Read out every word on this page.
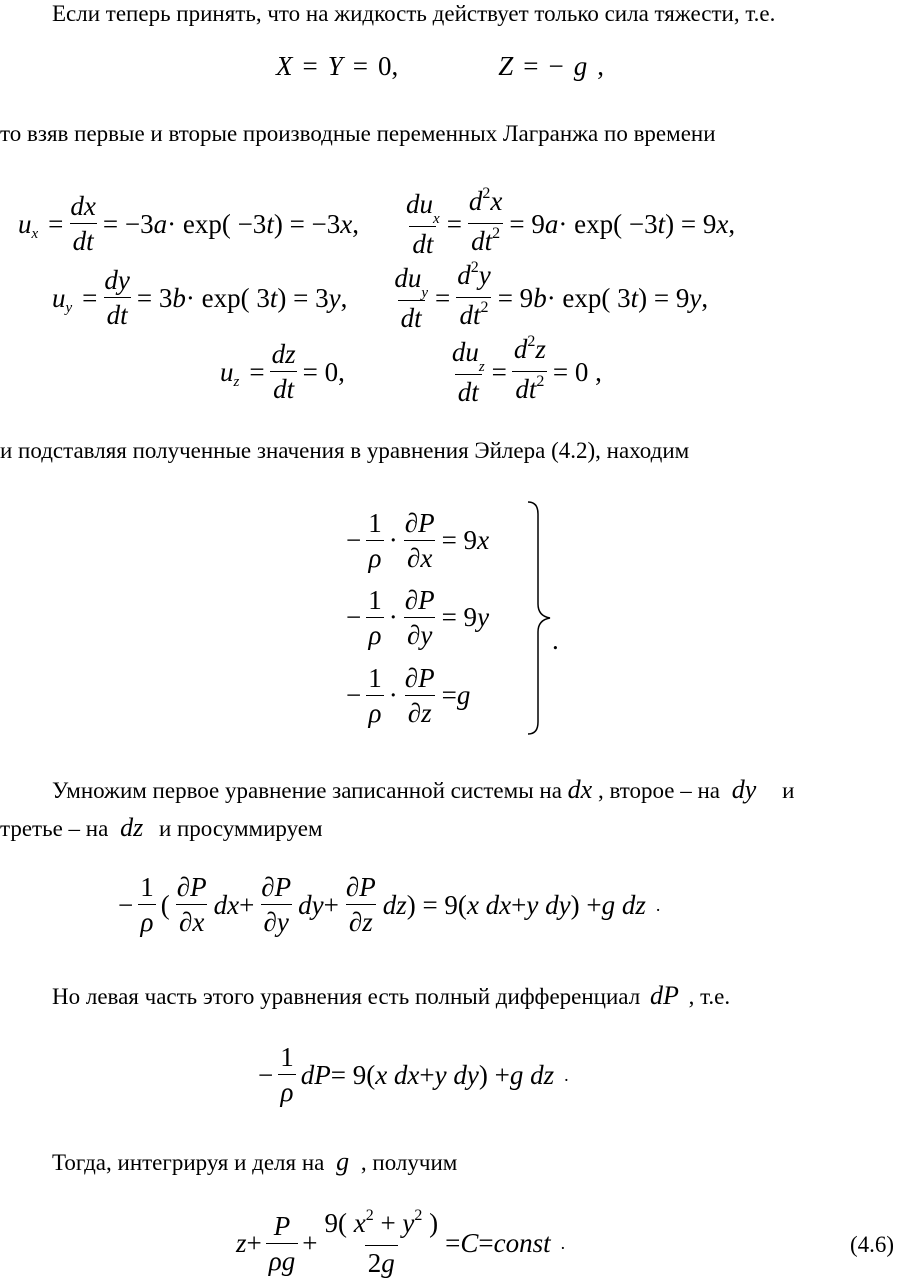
Если теперь принять, что на жидкость действует только сила тяжести, т.е.
X = Y = 0,	Z = − g ,
то взяв первые и вторые производные переменных Лагранжа по времени
u $x = \frac{dx}{dt} = -3$ a · exp( −3 t ) = −3 x , $\frac{du_x}{dt} = \frac{d^2x}{dt^2} = 9$ a · exp( −3 t ) = 9 x ,
u $y = \frac{dy}{dt} = 3$ b · exp( 3 t ) = 3 y , $\frac{du_y}{dt} = \frac{d^2y}{dt^2} = 9$ b · exp( 3 t ) = 9 y ,
u $z = \frac{dz}{dt} = 0$,	$\frac{du_z}{dt} = \frac{d^2z}{dt^2} = 0$ ,
и подставляя полученные значения в уравнения Эйлера (4.2), находим
− $\frac{1}{\rho} \cdot \frac{\partial P}{\partial x} = 9$ x
− $\frac{1}{\rho} \cdot \frac{\partial P}{\partial y} = 9$ y
− $\frac{1}{\rho} \cdot \frac{\partial P}{\partial z} = g$
.
Умножим первое уравнение записанной системы на dx , второе – на dy и
третье – на dz и просуммируем
− $\frac{1}{\rho}$ ( $\frac{\partial P}{\partial x}$ dx + $\frac{\partial P}{\partial y}$ dy + $\frac{\partial P}{\partial z}$ dz ) = 9( x dx + y dy ) + g dz .
Но левая часть этого уравнения есть полный дифференциал dP , т.е.
− $\frac{1}{\rho}$ dP = 9( x dx + y dy ) + g dz .
Тогда, интегрируя и деля на g , получим
$z + \frac{P}{\rho g} + \frac{9( x^2 + y^2 )}{2g} = C$ = const .	(4.6)
